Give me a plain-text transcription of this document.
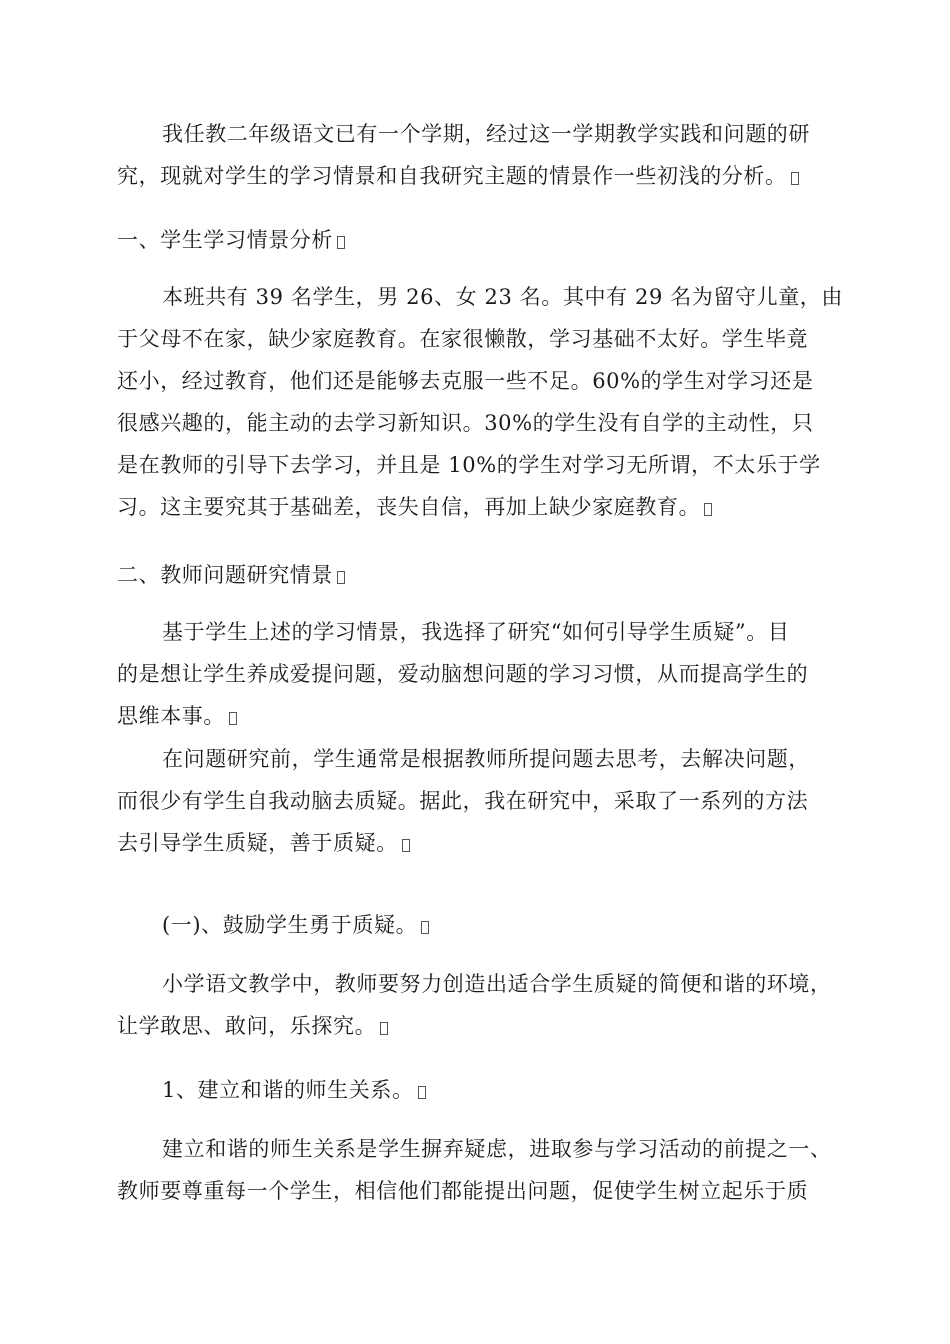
我任教二年级语文已有一个学期，经过这一学期教学实践和问题的研
究，现就对学生的学习情景和自我研究主题的情景作一些初浅的分析。
一、学生学习情景分析
本班共有 39 名学生，男 26、女 23 名。其中有 29 名为留守儿童，由
于父母不在家，缺少家庭教育。在家很懒散，学习基础不太好。学生毕竟
还小，经过教育，他们还是能够去克服一些不足。60%的学生对学习还是
很感兴趣的，能主动的去学习新知识。30%的学生没有自学的主动性，只
是在教师的引导下去学习，并且是 10%的学生对学习无所谓，不太乐于学
习。这主要究其于基础差，丧失自信，再加上缺少家庭教育。
二、教师问题研究情景
基于学生上述的学习情景，我选择了研究“如何引导学生质疑”。目
的是想让学生养成爱提问题，爱动脑想问题的学习习惯，从而提高学生的
思维本事。
在问题研究前，学生通常是根据教师所提问题去思考，去解决问题，
而很少有学生自我动脑去质疑。据此，我在研究中，采取了一系列的方法
去引导学生质疑，善于质疑。
(一)、鼓励学生勇于质疑。
小学语文教学中，教师要努力创造出适合学生质疑的简便和谐的环境，
让学敢思、敢问，乐探究。
1、建立和谐的师生关系。
建立和谐的师生关系是学生摒弃疑虑，进取参与学习活动的前提之一、
教师要尊重每一个学生，相信他们都能提出问题，促使学生树立起乐于质
